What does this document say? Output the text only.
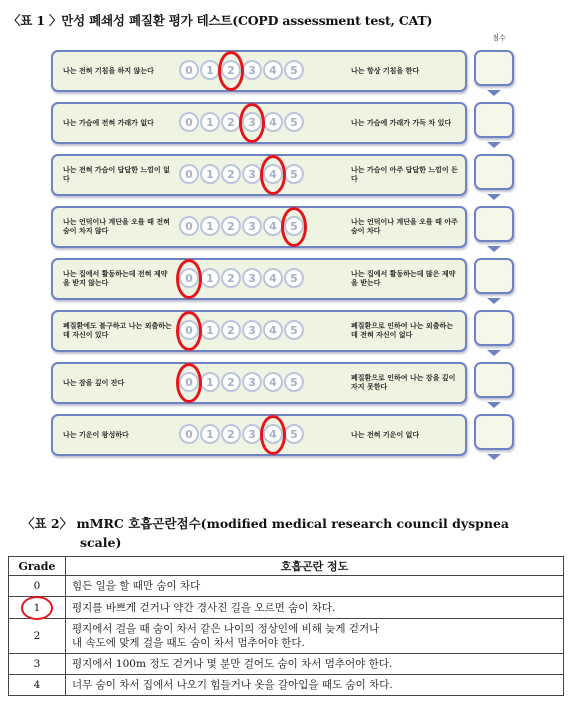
〈표 1 〉만성 폐쇄성 폐질환 평가 테스트(COPD assessment test, CAT)
점수
나는 전혀 기침을 하지 않는다	0	1	2	3	4	5	나는 항상 기침을 한다
나는 가슴에 전혀 가래가 없다	0	1	2	3	4	5	나는 가슴에 가래가 가득 차 있다
나는 전혀 가슴이 답답한 느낌이 없다	0	1	2	3	4	5	나는 가슴이 아주 답답한 느낌이 든다
나는 언덕이나 계단을 오를 때 전혀 숨이 차지 않다	0	1	2	3	4	5	나는 언덕이나 계단을 오를 때 아주 숨이 차다
나는 집에서 활동하는데 전혀 제약을 받지 않는다	0	1	2	3	4	5	나는 집에서 활동하는데 많은 제약을 받는다
폐질환에도 불구하고 나는 외출하는데 자신이 있다	0	1	2	3	4	5	폐질환으로 인하여 나는 외출하는데 전혀 자신이 없다
나는 잠을 깊이 잔다	0	1	2	3	4	5	폐질환으로 인하여 나는 잠을 깊이 자지 못한다
나는 기운이 왕성하다	0	1	2	3	4	5	나는 전혀 기운이 없다
〈표 2〉 mMRC 호흡곤란점수(modified medical research council dyspnea
scale)
Grade	호흡곤란 정도
0	힘든 일을 할 때만 숨이 차다

1	평지를 바쁘게 걷거나 약간 경사진 길을 오르면 숨이 차다.

2	평지에서 걸을 때 숨이 차서 같은 나이의 정상인에 비해 늦게 걷거나
내 속도에 맞게 걸을 때도 숨이 차서 멈추어야 한다.

3	평지에서 100m 정도 걷거나 몇 분만 걸어도 숨이 차서 멈추어야 한다.

4	너무 숨이 차서 집에서 나오기 힘들거나 옷을 갈아입을 때도 숨이 차다.
